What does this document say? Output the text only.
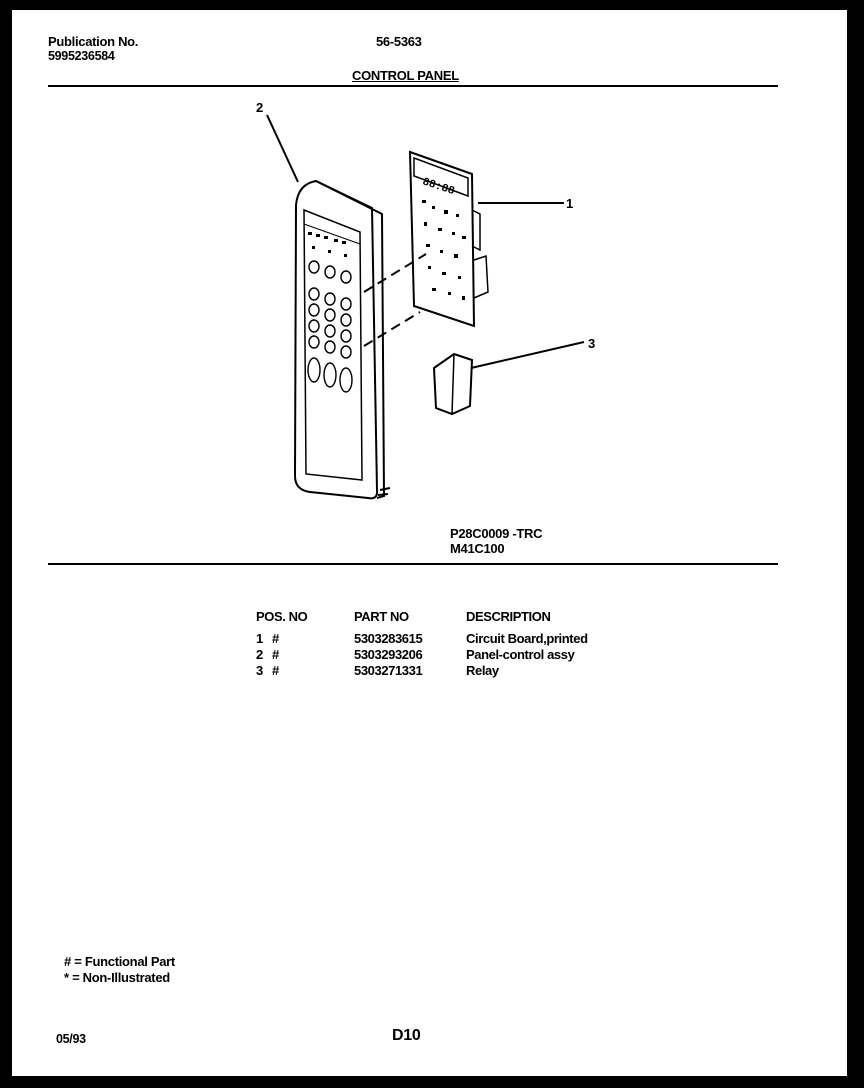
Publication No.
5995236584
56-5363
CONTROL PANEL
88:88
2
1
3
P28C0009 -TRC
M41C100
POS. NO	PART NO	DESCRIPTION
1 #	5303283615	Circuit Board,printed
2 #	5303293206	Panel-control assy
3 #	5303271331	Relay
# = Functional Part
* = Non-Illustrated
05/93	D10
